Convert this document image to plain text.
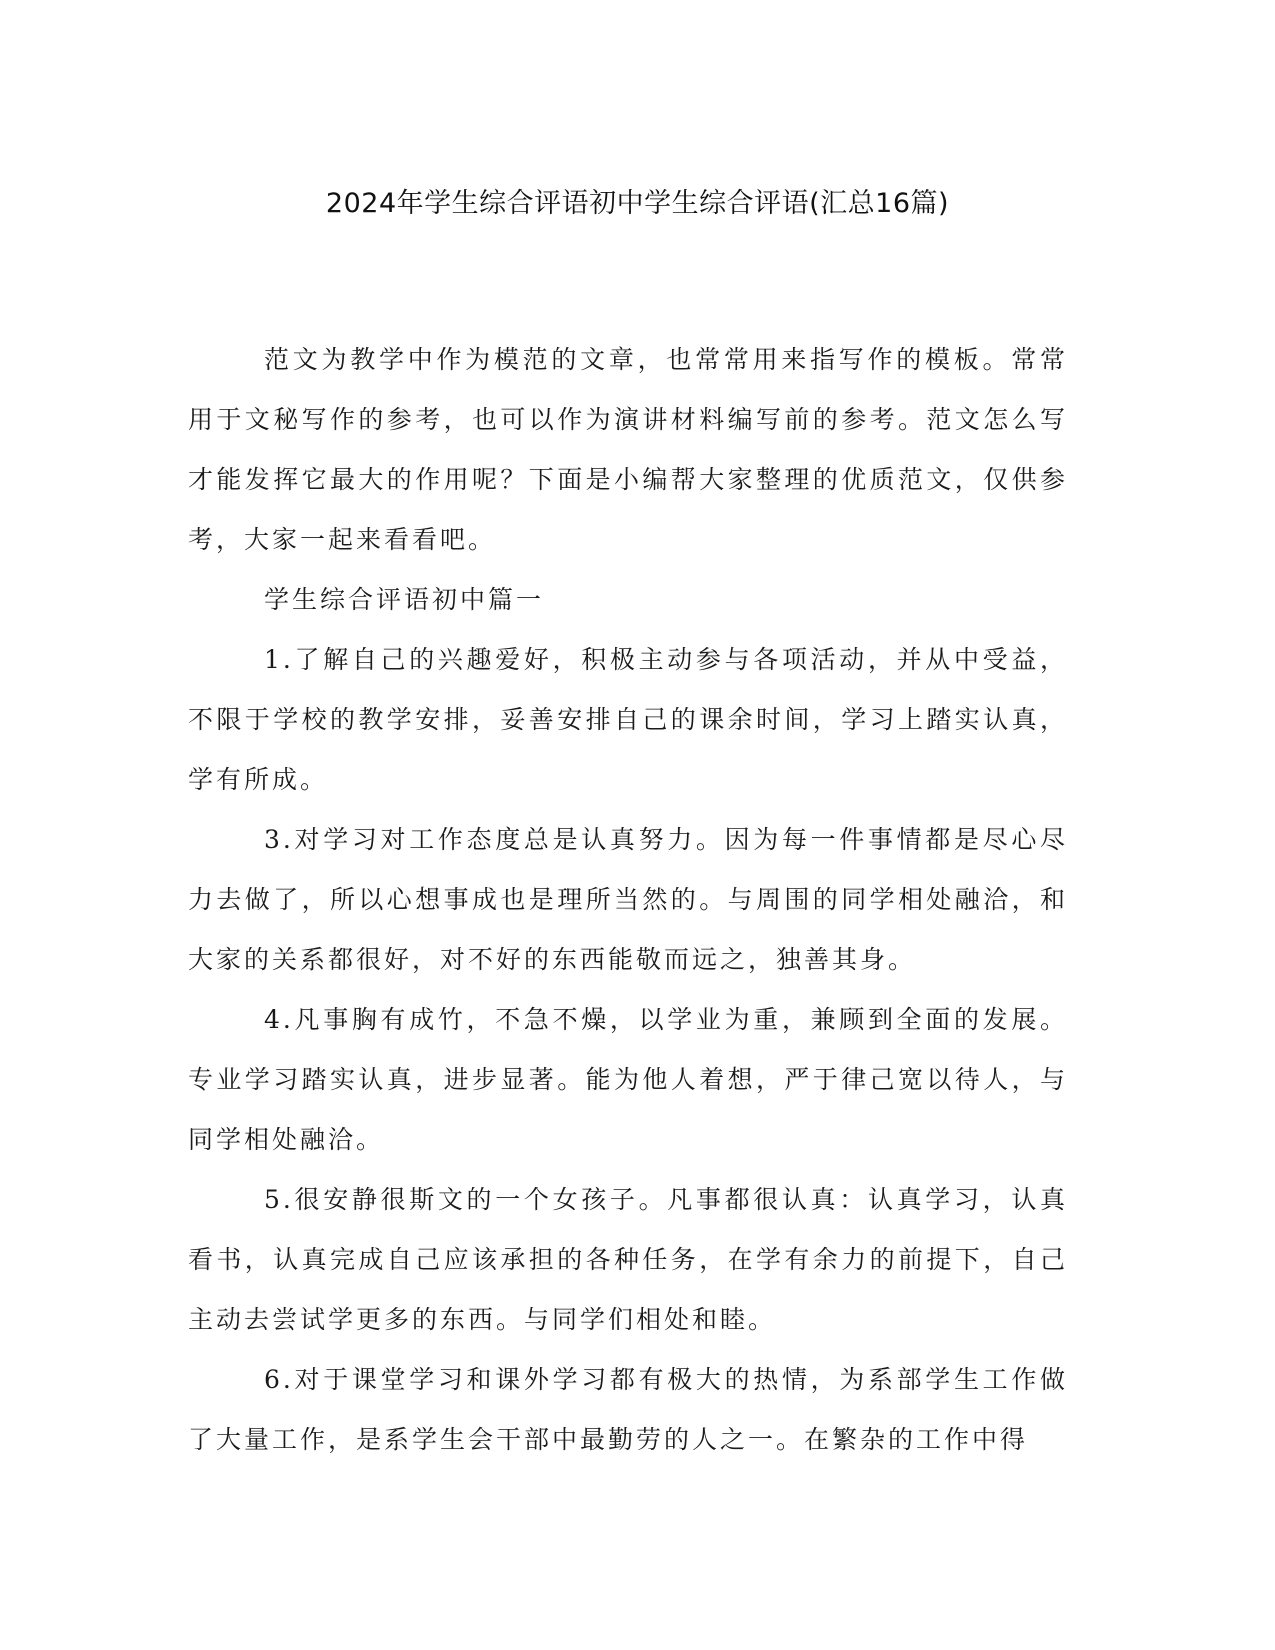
2024年学生综合评语初中学生综合评语(汇总16篇)

范文为教学中作为模范的文章，也常常用来指写作的模板。常常用于文秘写作的参考，也可以作为演讲材料编写前的参考。范文怎么写才能发挥它最大的作用呢？下面是小编帮大家整理的优质范文，仅供参考，大家一起来看看吧。

学生综合评语初中篇一

1.了解自己的兴趣爱好，积极主动参与各项活动，并从中受益，不限于学校的教学安排，妥善安排自己的课余时间，学习上踏实认真，学有所成。

3.对学习对工作态度总是认真努力。因为每一件事情都是尽心尽力去做了，所以心想事成也是理所当然的。与周围的同学相处融洽，和大家的关系都很好，对不好的东西能敬而远之，独善其身。

4.凡事胸有成竹，不急不燥，以学业为重，兼顾到全面的发展。专业学习踏实认真，进步显著。能为他人着想，严于律己宽以待人，与同学相处融洽。

5.很安静很斯文的一个女孩子。凡事都很认真：认真学习，认真看书，认真完成自己应该承担的各种任务，在学有余力的前提下，自己主动去尝试学更多的东西。与同学们相处和睦。

6.对于课堂学习和课外学习都有极大的热情，为系部学生工作做了大量工作，是系学生会干部中最勤劳的人之一。在繁杂的工作中得
